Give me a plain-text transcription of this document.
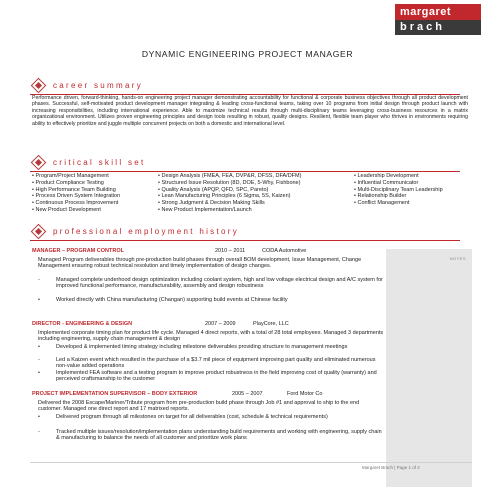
margaret
brach
DYNAMIC ENGINEERING PROJECT MANAGER
career summary
Performance driven, forward-thinking, hands-on engineering project manager demonstrating accountability for functional & corporate business objectives through all product development phases. Successful, self-motivated product development manager integrating & leading cross-functional teams, taking over 10 programs from initial design through product launch with increasing responsibilities, including international experience. Able to maximize technical results through multi-disciplinary teams leveraging cross-business resources in a matrix organizational environment. Utilizes proven engineering principles and design tools resulting in robust, quality designs. Resilient, flexible team player who thrives in environments requiring ability to effectively prioritize and juggle multiple concurrent projects on both a domestic and international level.
critical skill set
• Program/Project Management
• Product Compliance Testing
• High Performance Team Building
• Process Driven System Integration
• Continuous Process Improvement
• New Product Development
• Design Analysis (FMEA, FEA, DVP&R, DFSS, DFA/DFM)
• Structured Issue Resolution (8D, DOE, 5-Why, Fishbone)
• Quality Analysis (APQP, QFD, SPC, Pareto)
• Lean Manufacturing Principles (6 Sigma, 5S, Kaizen)
• Strong Judgment & Decision Making Skills
• New Product Implementation/Launch
• Leadership Development
• Influential Communicator
• Multi-Disciplinary Team Leadership
• Relationship Builder
• Conflict Management
professional employment history
NOTES
MANAGER – PROGRAM CONTROL	2010 – 2011	CODA Automotive
Managed Program deliverables through pre-production build phases through overall BOM development, Issue Management, Change Management ensuring robust technical resolution and timely implementation of design changes.
-	Managed complete underhood design optimization including coolant system, high and low voltage electrical design and A/C system for improved functional performance, manufacturability, assembly and design robustness
•	Worked directly with China manufacturing (Changan) supporting build events at Chinese facility
DIRECTOR - ENGINEERING & DESIGN	2007 – 2009	PlayCore, LLC
Implemented corporate timing plan for product life cycle. Managed 4 direct reports, with a total of 28 total employees. Managed 3 departments including engineering, supply chain management & design
•	Developed & implemented timing strategy including milestone deliverables providing structure to management meetings
-	Led a Kaizen event which resulted in the purchase of a $3.7 mil piece of equipment improving part quality and eliminated numerous non-value added operations
•	Implemented FEA software and a testing program to improve product robustness in the field improving cost of quality (warranty) and perceived craftsmanship to the customer
PROJECT IMPLEMENTATION SUPERVISOR – BODY EXTERIOR	2005 – 2007	Ford Motor Co
Delivered the 2008 Escape/Mariner/Tribute program from pre-production build phase through Job #1 and approval to ship to the end customer. Managed one direct report and 17 matrixed reports.
•	Delivered program through all milestones on target for all deliverables (cost, schedule & technical requirements)
-	Tracked multiple issues/resolution/implementation plans understanding build requirements and working with engineering, supply chain & manufacturing to balance the needs of all customer and prioritize work plans
Margaret Brach | Page 1 of 2
